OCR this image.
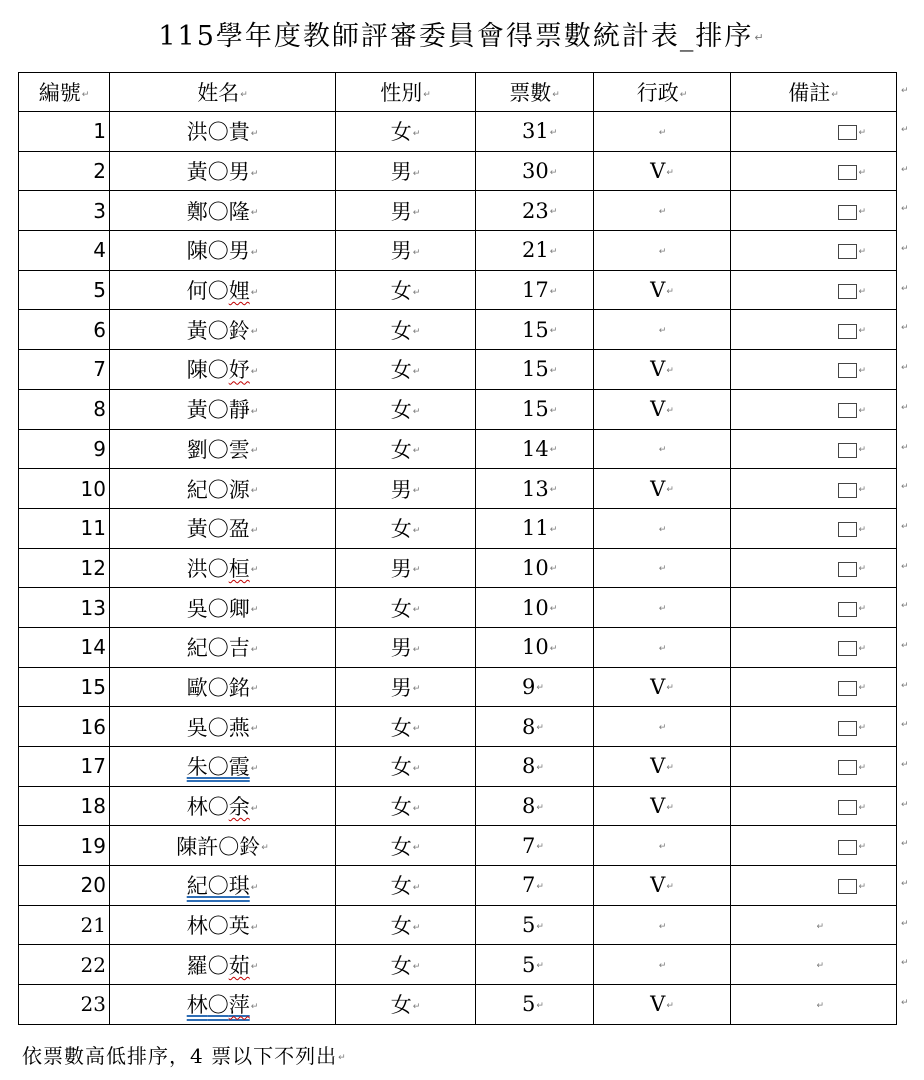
115學年度教師評審委員會得票數統計表_排序↵
編號↵	姓名↵	性別↵	票數↵	行政↵	備註↵
1	洪〇貴↵	女↵	31↵	↵	↵
2	黃〇男↵	男↵	30↵	V↵	↵
3	鄭〇隆↵	男↵	23↵	↵	↵
4	陳〇男↵	男↵	21↵	↵	↵
5	何〇娌↵	女↵	17↵	V↵	↵
6	黃〇鈴↵	女↵	15↵	↵	↵
7	陳〇妤↵	女↵	15↵	V↵	↵
8	黃〇靜↵	女↵	15↵	V↵	↵
9	劉〇雲↵	女↵	14↵	↵	↵
10	紀〇源↵	男↵	13↵	V↵	↵
11	黃〇盈↵	女↵	11↵	↵	↵
12	洪〇桓↵	男↵	10↵	↵	↵
13	吳〇卿↵	女↵	10↵	↵	↵
14	紀〇吉↵	男↵	10↵	↵	↵
15	歐〇銘↵	男↵	9↵	V↵	↵
16	吳〇燕↵	女↵	8↵	↵	↵
17	朱〇霞↵	女↵	8↵	V↵	↵
18	林〇余↵	女↵	8↵	V↵	↵
19	陳許〇鈴↵	女↵	7↵	↵	↵
20	紀〇琪↵	女↵	7↵	V↵	↵
21	林〇英↵	女↵	5↵	↵	↵
22	羅〇茹↵	女↵	5↵	↵	↵
23	林〇萍↵	女↵	5↵	V↵	↵
↵
↵
↵
↵
↵
↵
↵
↵
↵
↵
↵
↵
↵
↵
↵
↵
↵
↵
↵
↵
↵
↵
↵
↵
依票數高低排序，4 票以下不列出↵
